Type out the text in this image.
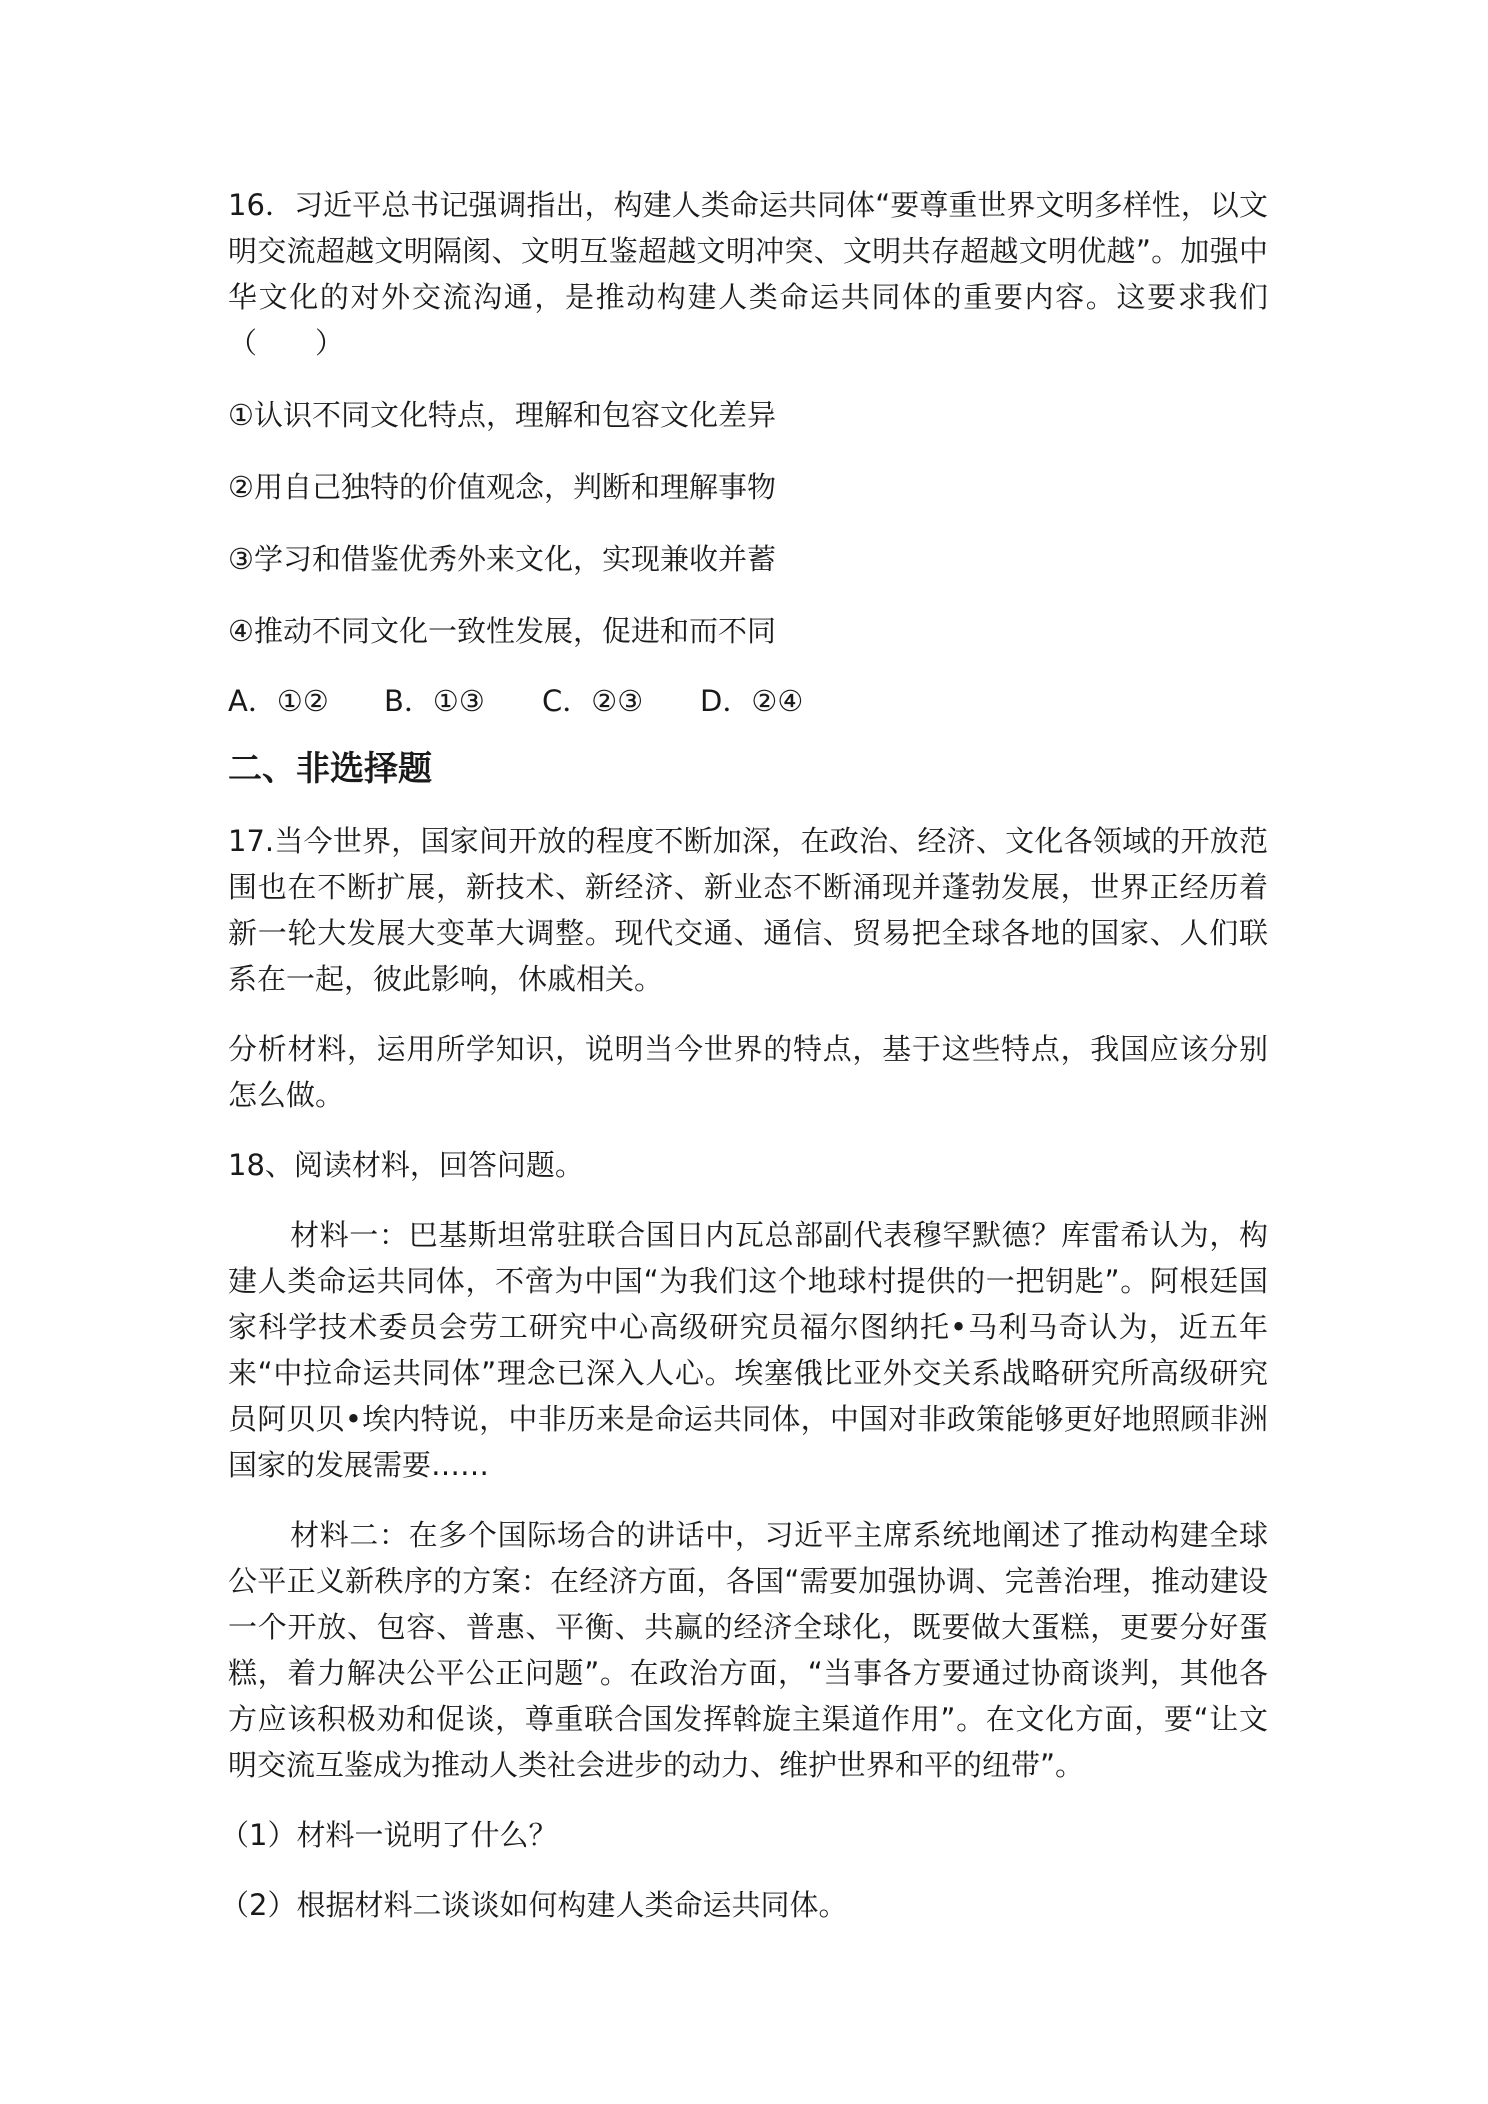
16．习近平总书记强调指出，构建人类命运共同体“要尊重世界文明多样性，以文明交流超越文明隔阂、文明互鉴超越文明冲突、文明共存超越文明优越”。加强中华文化的对外交流沟通，是推动构建人类命运共同体的重要内容。这要求我们（　　）

①认识不同文化特点，理解和包容文化差异

②用自己独特的价值观念，判断和理解事物

③学习和借鉴优秀外来文化，实现兼收并蓄

④推动不同文化一致性发展，促进和而不同

A．①②	B．①③	C．②③	D．②④
二、非选择题

17.当今世界，国家间开放的程度不断加深，在政治、经济、文化各领域的开放范围也在不断扩展，新技术、新经济、新业态不断涌现并蓬勃发展，世界正经历着新一轮大发展大变革大调整。现代交通、通信、贸易把全球各地的国家、人们联系在一起，彼此影响，休戚相关。

分析材料，运用所学知识，说明当今世界的特点，基于这些特点，我国应该分别怎么做。

18、阅读材料，回答问题。

材料一：巴基斯坦常驻联合国日内瓦总部副代表穆罕默德？库雷希认为，构建人类命运共同体，不啻为中国“为我们这个地球村提供的一把钥匙”。阿根廷国家科学技术委员会劳工研究中心高级研究员福尔图纳托•马利马奇认为，近五年来“中拉命运共同体”理念已深入人心。埃塞俄比亚外交关系战略研究所高级研究员阿贝贝•埃内特说，中非历来是命运共同体，中国对非政策能够更好地照顾非洲国家的发展需要……

材料二：在多个国际场合的讲话中，习近平主席系统地阐述了推动构建全球公平正义新秩序的方案：在经济方面，各国“需要加强协调、完善治理，推动建设一个开放、包容、普惠、平衡、共赢的经济全球化，既要做大蛋糕，更要分好蛋糕，着力解决公平公正问题”。在政治方面，“当事各方要通过协商谈判，其他各方应该积极劝和促谈，尊重联合国发挥斡旋主渠道作用”。在文化方面，要“让文明交流互鉴成为推动人类社会进步的动力、维护世界和平的纽带”。

（1）材料一说明了什么？

（2）根据材料二谈谈如何构建人类命运共同体。
